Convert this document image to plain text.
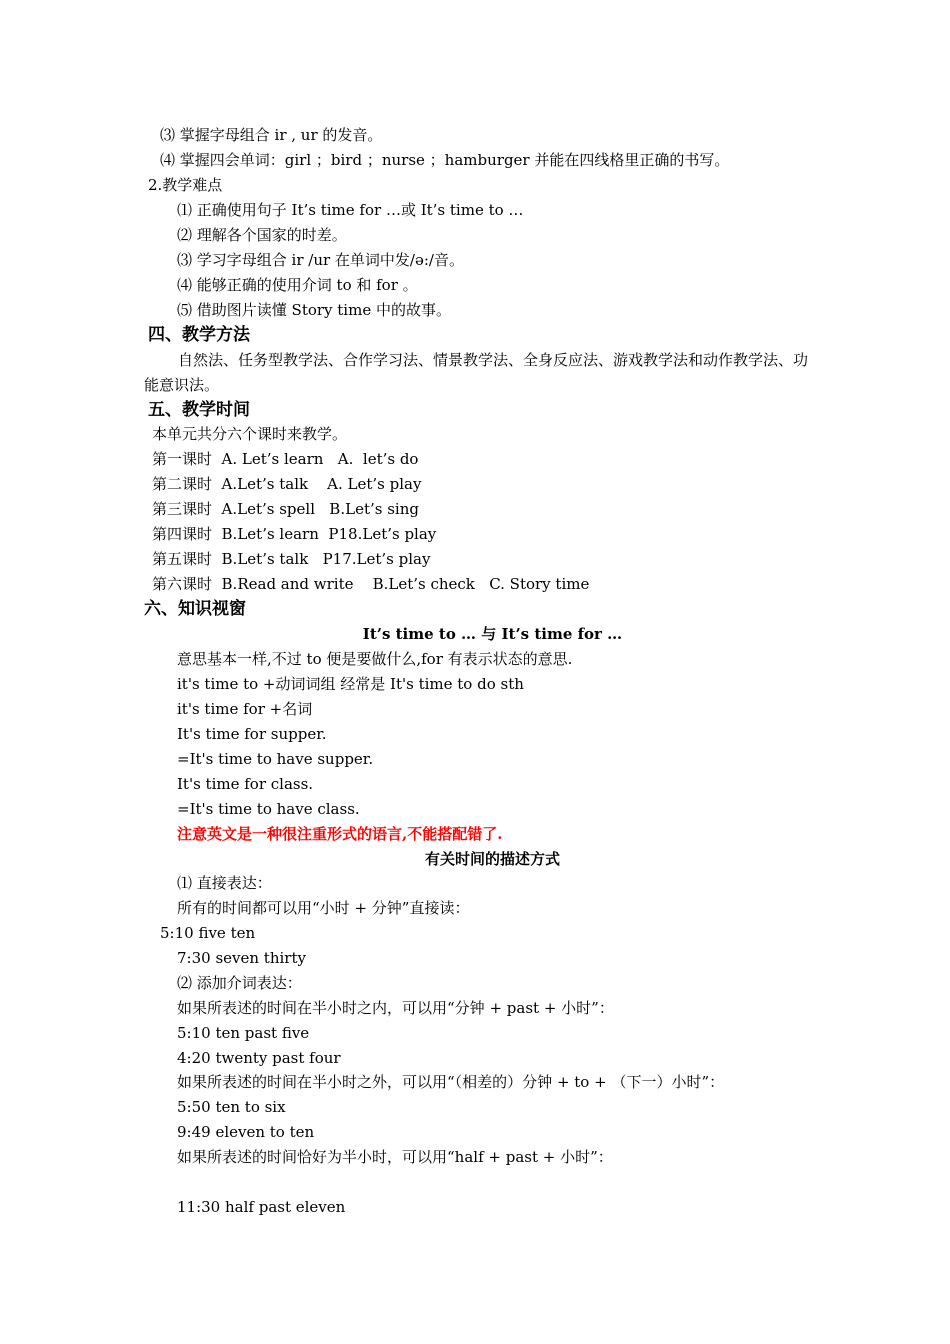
⑶ 掌握字母组合 ir , ur 的发音。
⑷ 掌握四会单词：girl ；bird ；nurse ；hamburger 并能在四线格里正确的书写。
2.教学难点
⑴ 正确使用句子 It’s time for …或 It’s time to …
⑵ 理解各个国家的时差。
⑶ 学习字母组合 ir /ur 在单词中发/ə:/音。
⑷ 能够正确的使用介词 to 和 for 。
⑸ 借助图片读懂 Story time 中的故事。
四、教学方法
自然法、任务型教学法、合作学习法、情景教学法、全身反应法、游戏教学法和动作教学法、功能意识法。
五、教学时间
本单元共分六个课时来教学。
第一课时  A. Let’s learn   A.  let’s do
第二课时  A.Let’s talk    A. Let’s play
第三课时  A.Let’s spell   B.Let’s sing
第四课时  B.Let’s learn  P18.Let’s play
第五课时  B.Let’s talk   P17.Let’s play
第六课时  B.Read and write    B.Let’s check   C. Story time
六、知识视窗
It’s time to … 与 It’s time for …
意思基本一样,不过 to 便是要做什么,for 有表示状态的意思.
it's time to +动词词组 经常是 It's time to do sth
it's time for +名词
It's time for supper.
=It's time to have supper.
It's time for class.
=It's time to have class.
注意英文是一种很注重形式的语言,不能搭配错了.
有关时间的描述方式
⑴ 直接表达：
所有的时间都可以用“小时 + 分钟”直接读：
5:10 five ten
7:30 seven thirty
⑵ 添加介词表达：
如果所表述的时间在半小时之内，可以用“分钟 + past + 小时”：
5:10 ten past five
4:20 twenty past four
如果所表述的时间在半小时之外，可以用“（相差的）分钟 + to + （下一）小时”：
5:50 ten to six
9:49 eleven to ten
如果所表述的时间恰好为半小时，可以用“half + past + 小时”：
11:30 half past eleven
